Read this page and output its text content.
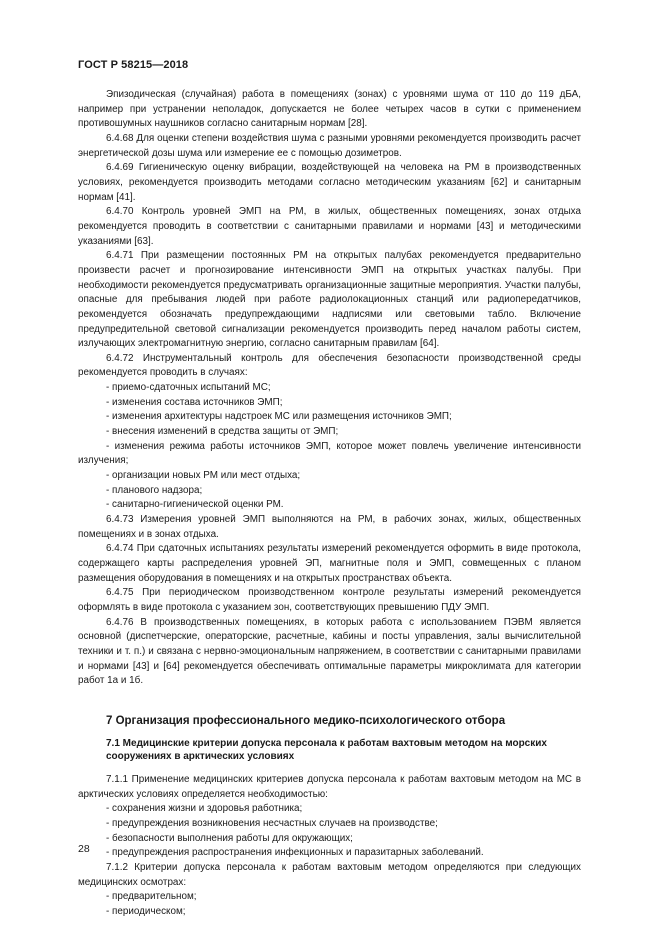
ГОСТ Р 58215—2018

Эпизодическая (случайная) работа в помещениях (зонах) с уровнями шума от 110 до 119 дБА, например при устранении неполадок, допускается не более четырех часов в сутки с применением противошумных наушников согласно санитарным нормам [28].

6.4.68 Для оценки степени воздействия шума с разными уровнями рекомендуется производить расчет энергетической дозы шума или измерение ее с помощью дозиметров.

6.4.69 Гигиеническую оценку вибрации, воздействующей на человека на РМ в производственных условиях, рекомендуется производить методами согласно методическим указаниям [62] и санитарным нормам [41].

6.4.70 Контроль уровней ЭМП на РМ, в жилых, общественных помещениях, зонах отдыха рекомендуется проводить в соответствии с санитарными правилами и нормами [43] и методическими указаниями [63].

6.4.71 При размещении постоянных РМ на открытых палубах рекомендуется предварительно произвести расчет и прогнозирование интенсивности ЭМП на открытых участках палубы. При необходимости рекомендуется предусматривать организационные защитные мероприятия. Участки палубы, опасные для пребывания людей при работе радиолокационных станций или радиопередатчиков, рекомендуется обозначать предупреждающими надписями или световыми табло. Включение предупредительной световой сигнализации рекомендуется производить перед началом работы систем, излучающих электромагнитную энергию, согласно санитарным правилам [64].

6.4.72 Инструментальный контроль для обеспечения безопасности производственной среды рекомендуется проводить в случаях:

- приемо-сдаточных испытаний МС;

- изменения состава источников ЭМП;

- изменения архитектуры надстроек МС или размещения источников ЭМП;

- внесения изменений в средства защиты от ЭМП;

- изменения режима работы источников ЭМП, которое может повлечь увеличение интенсивности излучения;

- организации новых РМ или мест отдыха;

- планового надзора;

- санитарно-гигиенической оценки РМ.

6.4.73 Измерения уровней ЭМП выполняются на РМ, в рабочих зонах, жилых, общественных помещениях и в зонах отдыха.

6.4.74 При сдаточных испытаниях результаты измерений рекомендуется оформить в виде протокола, содержащего карты распределения уровней ЭП, магнитные поля и ЭМП, совмещенных с планом размещения оборудования в помещениях и на открытых пространствах объекта.

6.4.75 При периодическом производственном контроле результаты измерений рекомендуется оформлять в виде протокола с указанием зон, соответствующих превышению ПДУ ЭМП.

6.4.76 В производственных помещениях, в которых работа с использованием ПЭВМ является основной (диспетчерские, операторские, расчетные, кабины и посты управления, залы вычислительной техники и т. п.) и связана с нервно-эмоциональным напряжением, в соответствии с санитарными правилами и нормами [43] и [64] рекомендуется обеспечивать оптимальные параметры микроклимата для категории работ 1а и 1б.

7 Организация профессионального медико-психологического отбора
7.1 Медицинские критерии допуска персонала к работам вахтовым методом на морских сооружениях в арктических условиях

7.1.1 Применение медицинских критериев допуска персонала к работам вахтовым методом на МС в арктических условиях определяется необходимостью:

- сохранения жизни и здоровья работника;

- предупреждения возникновения несчастных случаев на производстве;

- безопасности выполнения работы для окружающих;

- предупреждения распространения инфекционных и паразитарных заболеваний.

7.1.2 Критерии допуска персонала к работам вахтовым методом определяются при следующих медицинских осмотрах:

- предварительном;

- периодическом;

28
